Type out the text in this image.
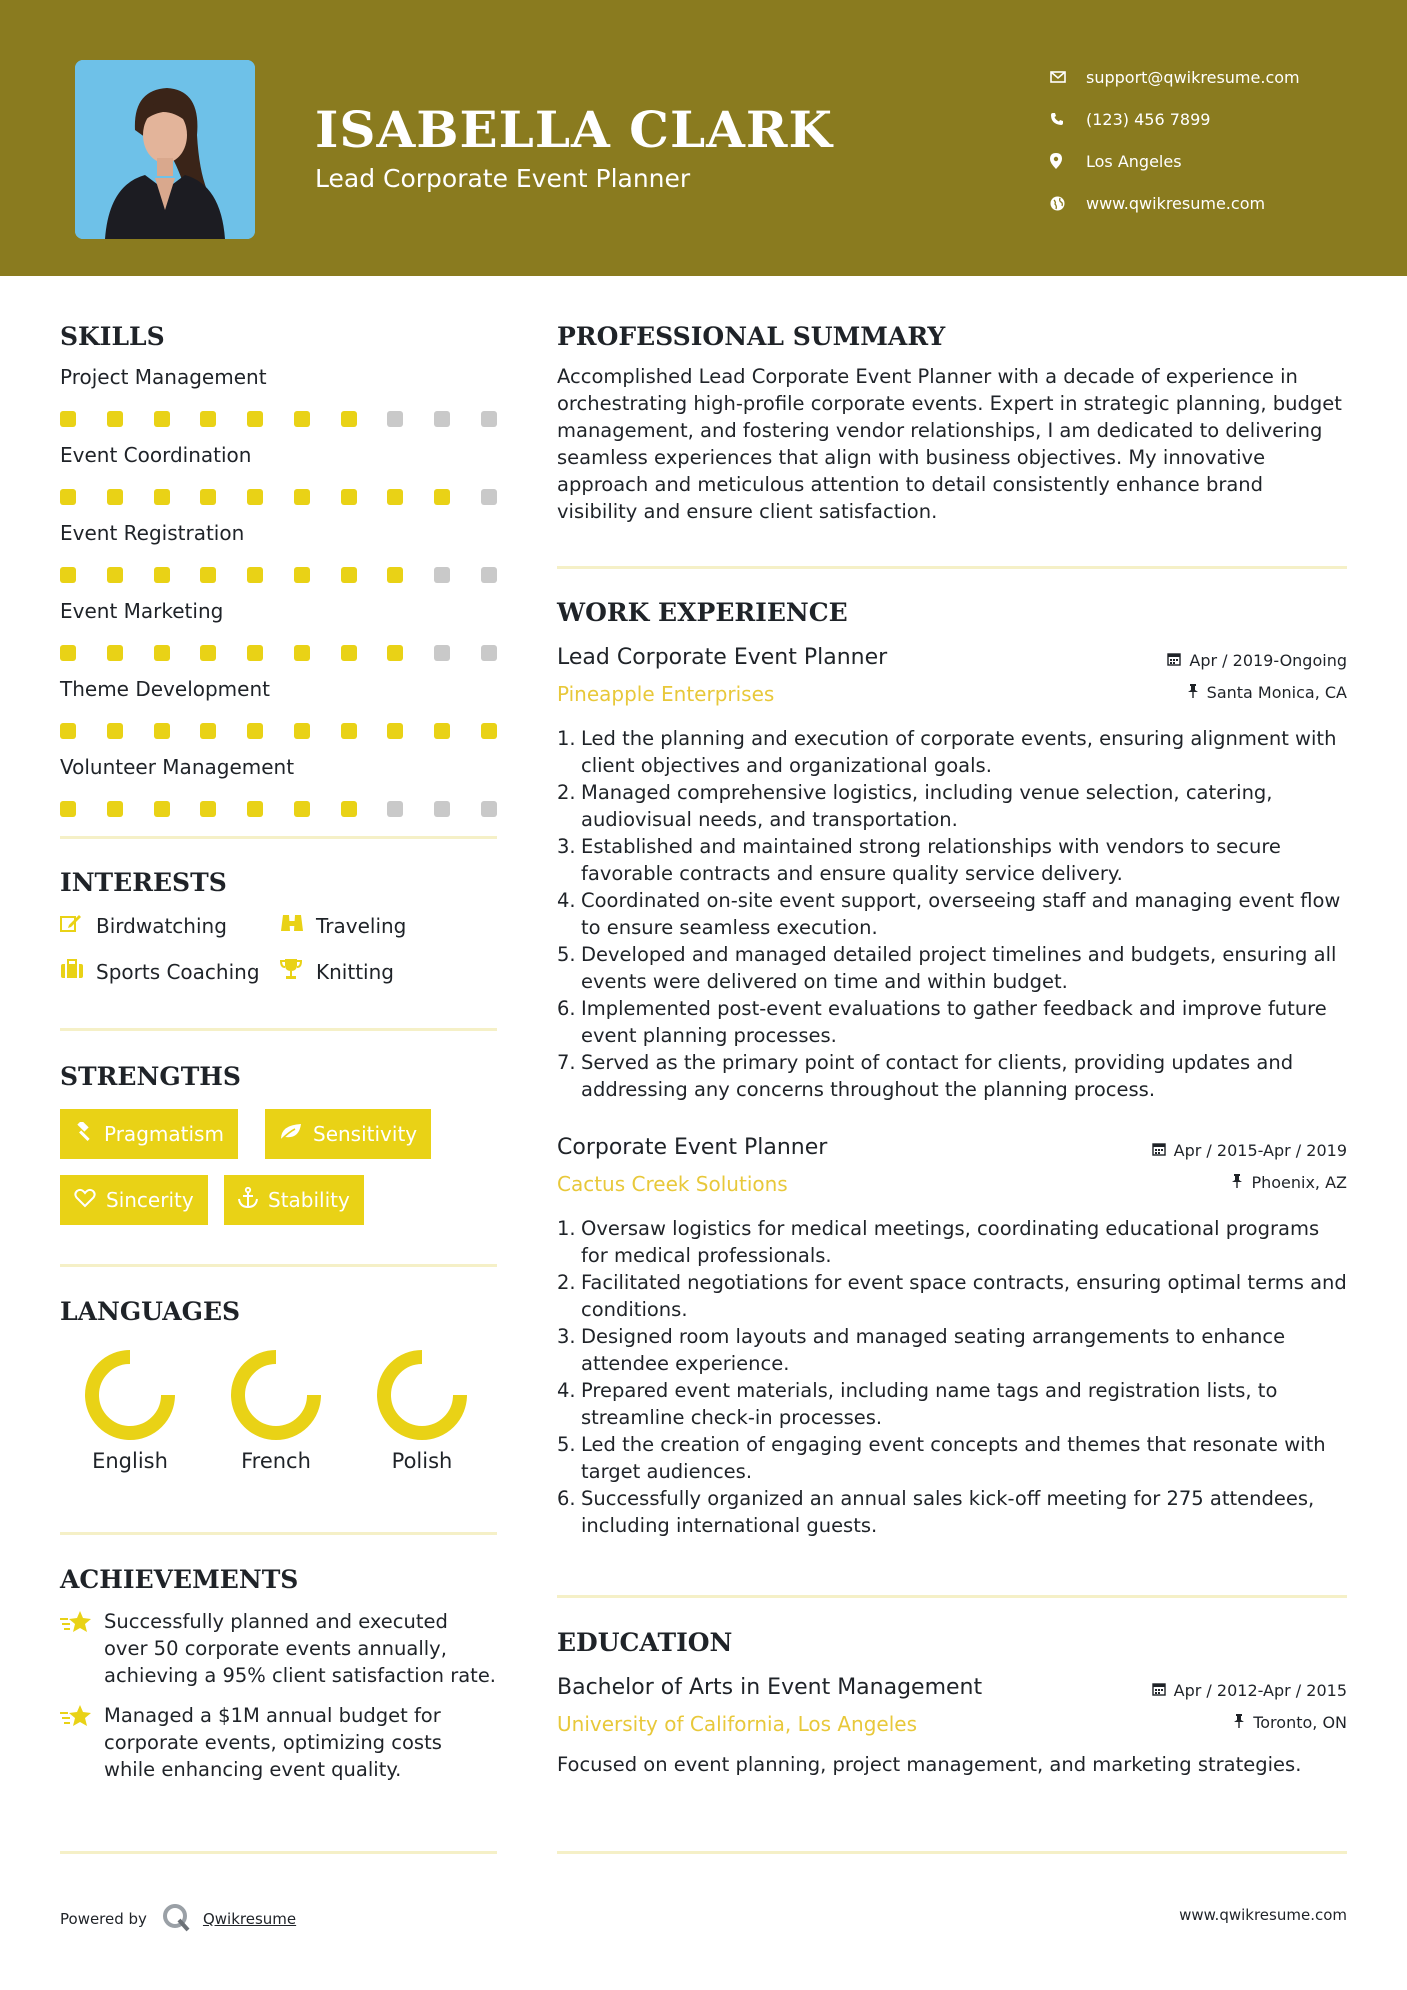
ISABELLA CLARK
Lead Corporate Event Planner
support@qwikresume.com
(123) 456 7899
Los Angeles
www.qwikresume.com
SKILLS
Project Management
Event Coordination
Event Registration
Event Marketing
Theme Development
Volunteer Management
INTERESTS
Birdwatching	Traveling
Sports Coaching	Knitting
STRENGTHS
Pragmatism	Sensitivity
Sincerity	Stability
LANGUAGES
English	French	Polish
ACHIEVEMENTS
Successfully planned and executed over 50 corporate events annually, achieving a 95% client satisfaction rate.
Managed a $1M annual budget for corporate events, optimizing costs while enhancing event quality.
PROFESSIONAL SUMMARY
Accomplished Lead Corporate Event Planner with a decade of experience in orchestrating high-profile corporate events. Expert in strategic planning, budget management, and fostering vendor relationships, I am dedicated to delivering seamless experiences that align with business objectives. My innovative approach and meticulous attention to detail consistently enhance brand visibility and ensure client satisfaction.
WORK EXPERIENCE
Lead Corporate Event Planner
Pineapple Enterprises
Apr / 2019-Ongoing
Santa Monica, CA
1. Led the planning and execution of corporate events, ensuring alignment with client objectives and organizational goals.
2. Managed comprehensive logistics, including venue selection, catering, audiovisual needs, and transportation.
3. Established and maintained strong relationships with vendors to secure favorable contracts and ensure quality service delivery.
4. Coordinated on-site event support, overseeing staff and managing event flow to ensure seamless execution.
5. Developed and managed detailed project timelines and budgets, ensuring all events were delivered on time and within budget.
6. Implemented post-event evaluations to gather feedback and improve future event planning processes.
7. Served as the primary point of contact for clients, providing updates and addressing any concerns throughout the planning process.
Corporate Event Planner
Cactus Creek Solutions
Apr / 2015-Apr / 2019
Phoenix, AZ
1. Oversaw logistics for medical meetings, coordinating educational programs for medical professionals.
2. Facilitated negotiations for event space contracts, ensuring optimal terms and conditions.
3. Designed room layouts and managed seating arrangements to enhance attendee experience.
4. Prepared event materials, including name tags and registration lists, to streamline check-in processes.
5. Led the creation of engaging event concepts and themes that resonate with target audiences.
6. Successfully organized an annual sales kick-off meeting for 275 attendees, including international guests.
EDUCATION
Bachelor of Arts in Event Management
University of California, Los Angeles
Apr / 2012-Apr / 2015
Toronto, ON
Focused on event planning, project management, and marketing strategies.
Powered by	Qwikresume	www.qwikresume.com
